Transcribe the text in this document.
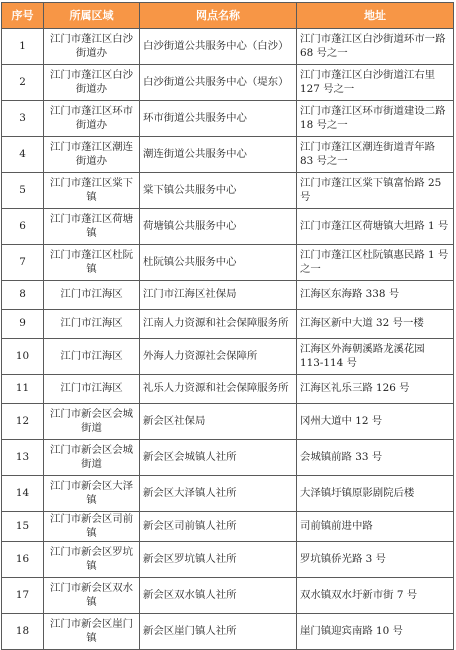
序号	所属区域	网点名称	地址
1	江门市蓬江区白沙街道办	白沙街道公共服务中心（白沙）	江门市蓬江区白沙街道环市一路 68 号之一
2	江门市蓬江区白沙街道办	白沙街道公共服务中心（堤东）	江门市蓬江区白沙街道江右里 127 号之一
3	江门市蓬江区环市街道办	环市街道公共服务中心	江门市蓬江区环市街道建设二路 18 号之一
4	江门市蓬江区潮连街道办	潮连街道公共服务中心	江门市蓬江区潮连街道青年路 83 号之一
5	江门市蓬江区棠下镇	棠下镇公共服务中心	江门市蓬江区棠下镇富怡路 25 号
6	江门市蓬江区荷塘镇	荷塘镇公共服务中心	江门市蓬江区荷塘镇大坦路 1 号
7	江门市蓬江区杜阮镇	杜阮镇公共服务中心	江门市蓬江区杜阮镇惠民路 1 号之一
8	江门市江海区	江门市江海区社保局	江海区东海路 338 号
9	江门市江海区	江南人力资源和社会保障服务所	江海区新中大道 32 号一楼
10	江门市江海区	外海人力资源社会保障所	江海区外海朝溪路龙溪花园 113-114 号
11	江门市江海区	礼乐人力资源和社会保障服务所	江海区礼乐三路 126 号
12	江门市新会区会城街道	新会区社保局	冈州大道中 12 号
13	江门市新会区会城街道	新会区会城镇人社所	会城镇前路 33 号
14	江门市新会区大泽镇	新会区大泽镇人社所	大泽镇圩镇原影剧院后楼
15	江门市新会区司前镇	新会区司前镇人社所	司前镇前进中路
16	江门市新会区罗坑镇	新会区罗坑镇人社所	罗坑镇侨光路 3 号
17	江门市新会区双水镇	新会区双水镇人社所	双水镇双水圩新市街 7 号
18	江门市新会区崖门镇	新会区崖门镇人社所	崖门镇迎宾南路 10 号
